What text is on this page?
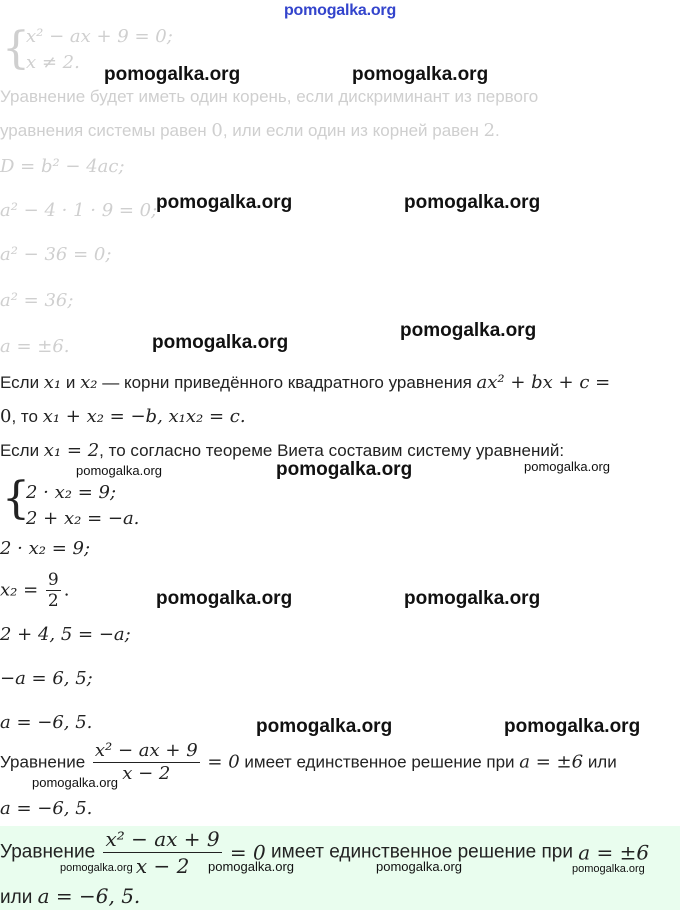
pomogalka.org
{
x² − ax + 9 = 0;
x ≠ 2.
Уравнение будет иметь один корень, если дискриминант из первого
уравнения системы равен 0, или если один из корней равен 2.
D = b² − 4ac;
a² − 4 · 1 · 9 = 0;
a² − 36 = 0;
a² = 36;
a = ±6.
Если x₁ и x₂ — корни приведённого квадратного уравнения ax² + bx + c =
0, то x₁ + x₂ = −b, x₁x₂ = c.
Если x₁ = 2, то согласно теореме Виета составим систему уравнений:
{
2 · x₂ = 9;
2 + x₂ = −a.
2 · x₂ = 9;
$x_2 = \frac{9}{2}$ .
2 + 4, 5 = −a;
−a = 6, 5;
a = −6, 5.
Уравнение $\frac{\text{x² − ax + 9}}{x - 2} = 0$ имеет единственное решение при a = ±6 или
a = −6, 5.
Уравнение $\frac{\text{x² − ax + 9}}{x - 2} = 0$ имеет единственное решение при a = ±6
или a = −6, 5.
pomogalka.org	pomogalka.org
pomogalka.org	pomogalka.org
pomogalka.org
pomogalka.org
pomogalka.org	pomogalka.org	pomogalka.org
pomogalka.org	pomogalka.org
pomogalka.org	pomogalka.org
pomogalka.org
pomogalka.org	pomogalka.org	pomogalka.org	pomogalka.org
